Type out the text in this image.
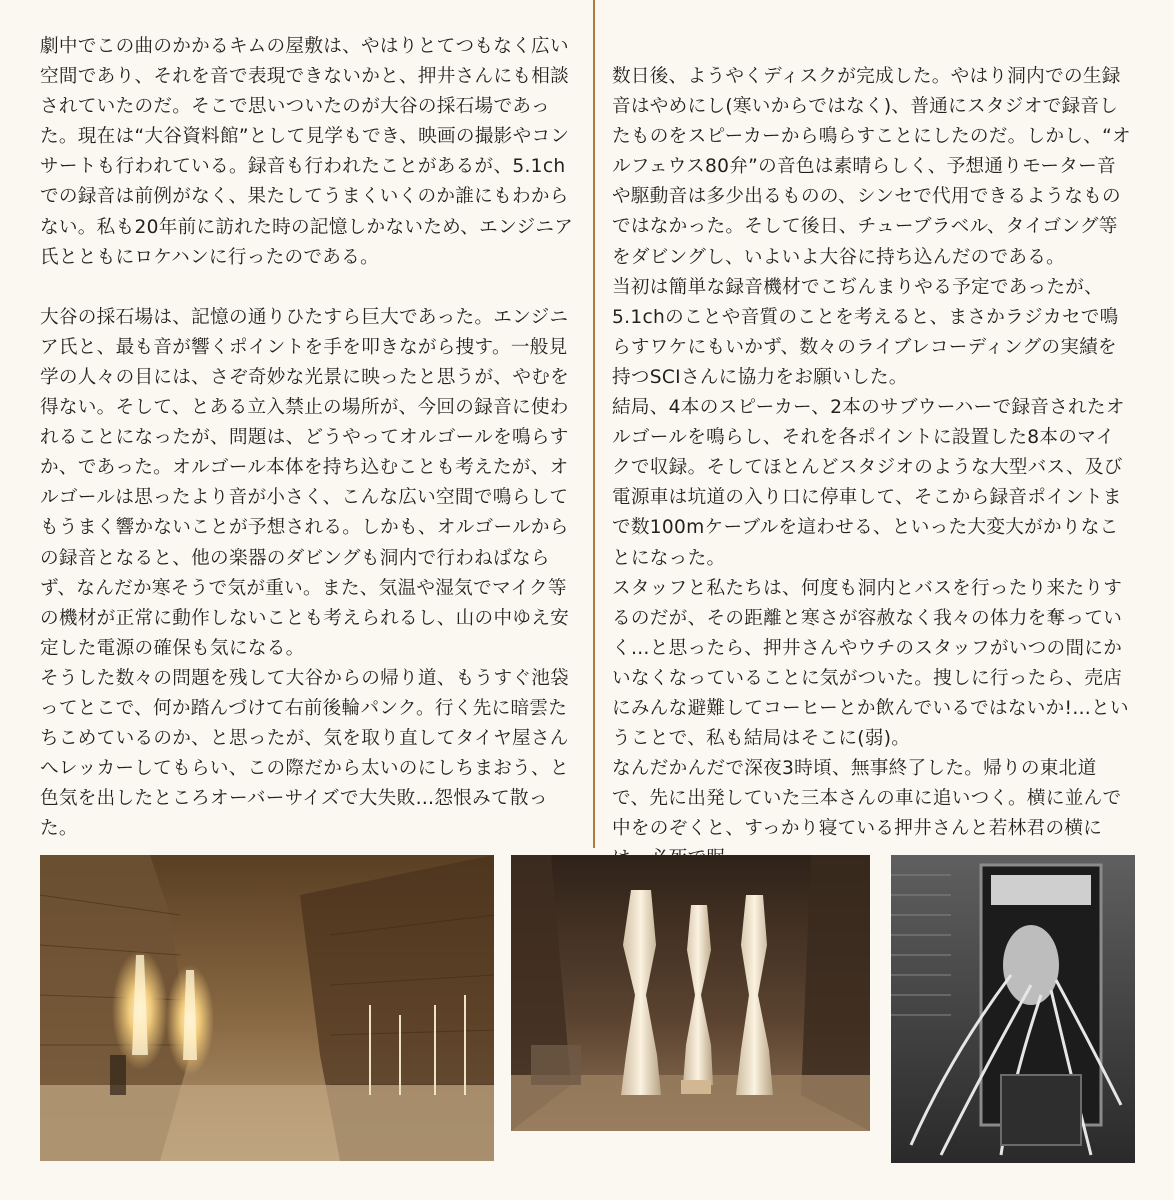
劇中でこの曲のかかるキムの屋敷は、やはりとてつもなく広い空間であり、それを音で表現できないかと、押井さんにも相談されていたのだ。そこで思いついたのが大谷の採石場であった。現在は“大谷資料館”として見学もでき、映画の撮影やコンサートも行われている。録音も行われたことがあるが、5.1chでの録音は前例がなく、果たしてうまくいくのか誰にもわからない。私も20年前に訪れた時の記憶しかないため、エンジニア氏とともにロケハンに行ったのである。

大谷の採石場は、記憶の通りひたすら巨大であった。エンジニア氏と、最も音が響くポイントを手を叩きながら捜す。一般見学の人々の目には、さぞ奇妙な光景に映ったと思うが、やむを得ない。そして、とある立入禁止の場所が、今回の録音に使われることになったが、問題は、どうやってオルゴールを鳴らすか、であった。オルゴール本体を持ち込むことも考えたが、オルゴールは思ったより音が小さく、こんな広い空間で鳴らしてもうまく響かないことが予想される。しかも、オルゴールからの録音となると、他の楽器のダビングも洞内で行わねばならず、なんだか寒そうで気が重い。また、気温や湿気でマイク等の機材が正常に動作しないことも考えられるし、山の中ゆえ安定した電源の確保も気になる。

そうした数々の問題を残して大谷からの帰り道、もうすぐ池袋ってとこで、何か踏んづけて右前後輪パンク。行く先に暗雲たちこめているのか、と思ったが、気を取り直してタイヤ屋さんへレッカーしてもらい、この際だから太いのにしちまおう、と色気を出したところオーバーサイズで大失敗…怨恨みて散った。

数日後、ようやくディスクが完成した。やはり洞内での生録音はやめにし(寒いからではなく)、普通にスタジオで録音したものをスピーカーから鳴らすことにしたのだ。しかし、“オルフェウス80弁”の音色は素晴らしく、予想通りモーター音や駆動音は多少出るものの、シンセで代用できるようなものではなかった。そして後日、チューブラベル、タイゴング等をダビングし、いよいよ大谷に持ち込んだのである。

当初は簡単な録音機材でこぢんまりやる予定であったが、5.1chのことや音質のことを考えると、まさかラジカセで鳴らすワケにもいかず、数々のライブレコーディングの実績を持つSCIさんに協力をお願いした。

結局、4本のスピーカー、2本のサブウーハーで録音されたオルゴールを鳴らし、それを各ポイントに設置した8本のマイクで収録。そしてほとんどスタジオのような大型バス、及び電源車は坑道の入り口に停車して、そこから録音ポイントまで数100mケーブルを這わせる、といった大変大がかりなことになった。

スタッフと私たちは、何度も洞内とバスを行ったり来たりするのだが、その距離と寒さが容赦なく我々の体力を奪っていく…と思ったら、押井さんやウチのスタッフがいつの間にかいなくなっていることに気がついた。捜しに行ったら、売店にみんな避難してコーヒーとか飲んでいるではないか!…ということで、私も結局はそこに(弱)。

なんだかんだで深夜3時頃、無事終了した。帰りの東北道で、先に出発していた三本さんの車に追いつく。横に並んで中をのぞくと、すっかり寝ている押井さんと若林君の横に
